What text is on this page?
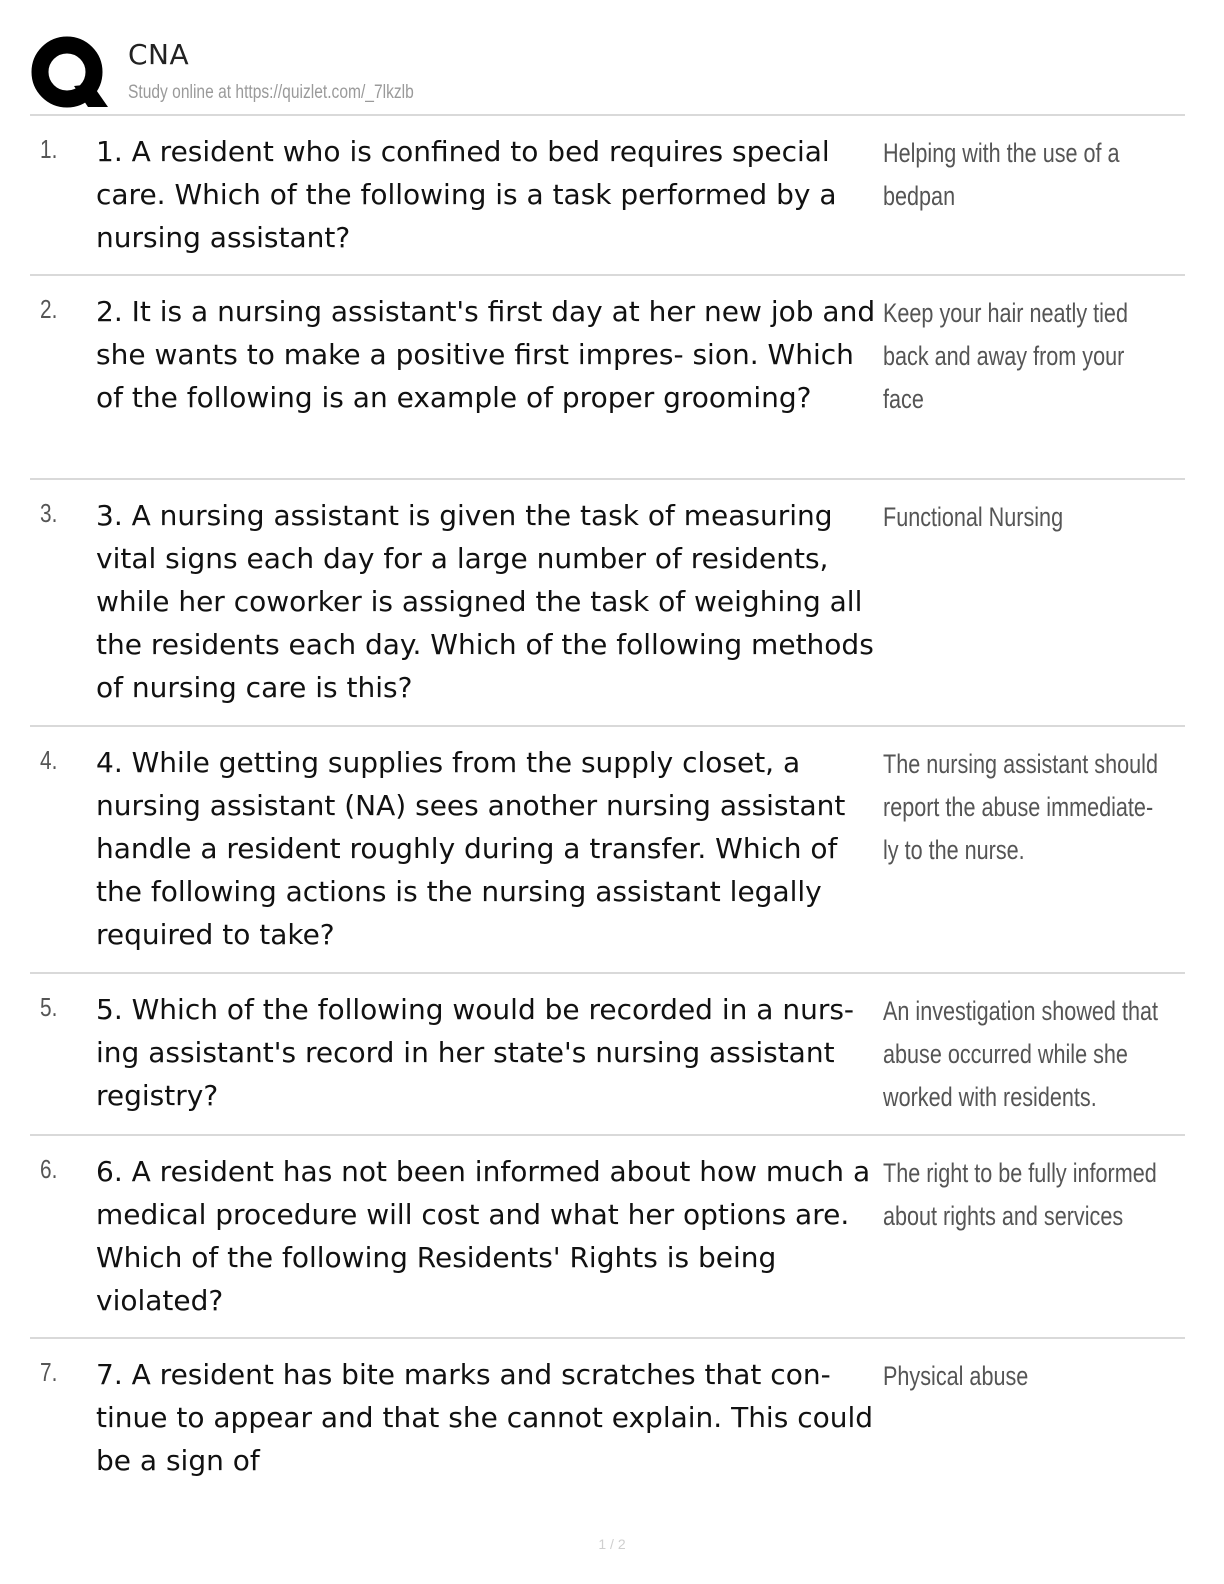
CNA
Study online at https://quizlet.com/_7lkzlb
1. 1. A resident who is confined to bed requires special care. Which of the following is a task performed by a nursing assistant?
Helping with the use of a bedpan
2. 2. It is a nursing assistant's first day at her new job and she wants to make a positive first impres- sion. Which of the following is an example of proper grooming?
Keep your hair neatly tied back and away from your face
3. 3. A nursing assistant is given the task of measuring vital signs each day for a large number of residents, while her coworker is assigned the task of weighing all the residents each day. Which of the following methods of nursing care is this?
Functional Nursing
4. 4. While getting supplies from the supply closet, a nursing assistant (NA) sees another nursing assistant handle a resident roughly during a transfer. Which of the following actions is the nursing assistant legally required to take?
The nursing assistant should report the abuse immediate- ly to the nurse.
5. 5. Which of the following would be recorded in a nurs- ing assistant's record in her state's nursing assistant registry?
An investigation showed that abuse occurred while she worked with residents.
6. 6. A resident has not been informed about how much a medical procedure will cost and what her options are. Which of the following Residents' Rights is being violated?
The right to be fully informed about rights and services
7. 7. A resident has bite marks and scratches that con- tinue to appear and that she cannot explain. This could be a sign of
Physical abuse
1 / 2
